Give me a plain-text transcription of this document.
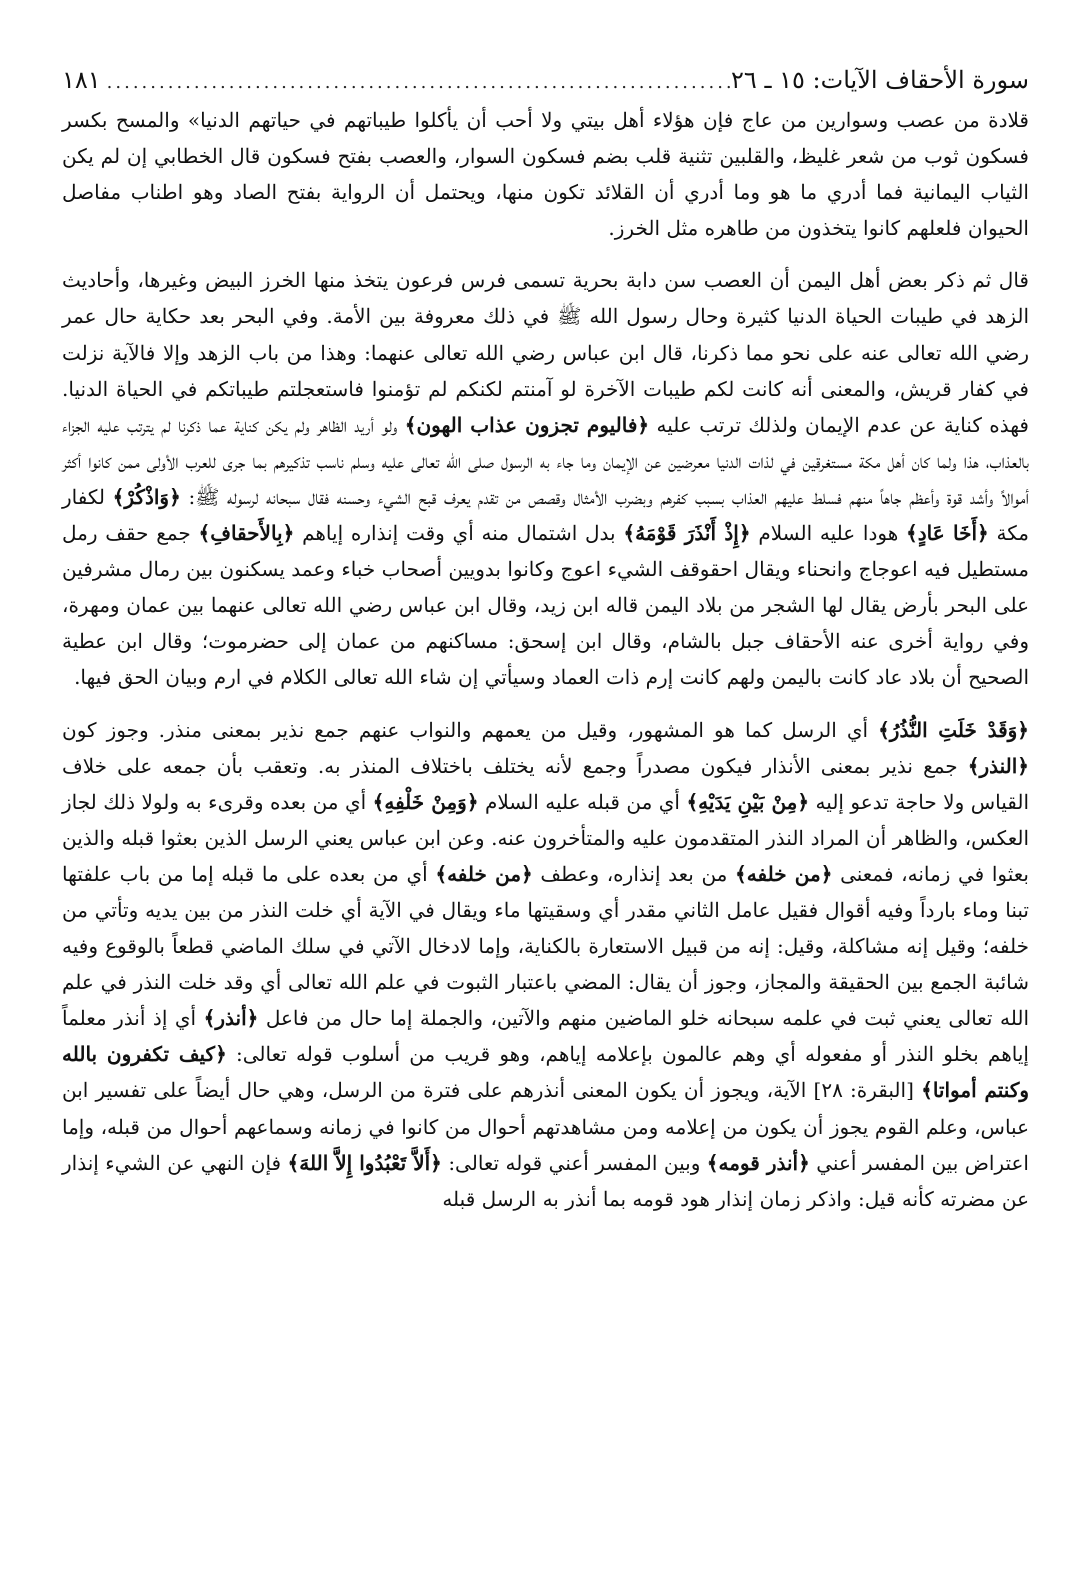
سورة الأحقاف الآيات: ١٥ ـ ٢٦
.....
١٨١

قلادة من عصب وسوارين من عاج فإن هؤلاء أهل بيتي ولا أحب أن يأكلوا طيباتهم في حياتهم الدنيا» والمسح بكسر فسكون ثوب من شعر غليظ، والقلبين تثنية قلب بضم فسكون السوار، والعصب بفتح فسكون قال الخطابي إن لم يكن الثياب اليمانية فما أدري ما هو وما أدري أن القلائد تكون منها، ويحتمل أن الرواية بفتح الصاد وهو اطناب مفاصل الحيوان فلعلهم كانوا يتخذون من طاهره مثل الخرز.

قال ثم ذكر بعض أهل اليمن أن العصب سن دابة بحرية تسمى فرس فرعون يتخذ منها الخرز البيض وغيرها، وأحاديث الزهد في طيبات الحياة الدنيا كثيرة وحال رسول الله ﷺ في ذلك معروفة بين الأمة. وفي البحر بعد حكاية حال عمر رضي الله تعالى عنه على نحو مما ذكرنا، قال ابن عباس رضي الله تعالى عنهما: وهذا من باب الزهد وإلا فالآية نزلت في كفار قريش، والمعنى أنه كانت لكم طيبات الآخرة لو آمنتم لكنكم لم تؤمنوا فاستعجلتم طيباتكم في الحياة الدنيا. فهذه كناية عن عدم الإيمان ولذلك ترتب عليه ﴿فاليوم تجزون عذاب الهون﴾ ولو أريد الظاهر ولم يكن كناية عما ذكرنا لم يترتب عليه الجزاء بالعذاب، هذا ولما كان أهل مكة مستغرقين في لذات الدنيا معرضين عن الإيمان وما جاء به الرسول صلى الله تعالى عليه وسلم ناسب تذكيرهم بما جرى للعرب الأولى ممن كانوا أكثر أموالاً وأشد قوة وأعظم جاهاً منهم فسلط عليهم العذاب بسبب كفرهم وبضرب الأمثال وقصص من تقدم يعرف قبح الشيء وحسنه فقال سبحانه لرسوله ﷺ: ﴿وَاذْكُرْ﴾ لكفار مكة ﴿أَخَا عَادٍ﴾ هودا عليه السلام ﴿إِذْ أَنْذَرَ قَوْمَهُ﴾ بدل اشتمال منه أي وقت إنذاره إياهم ﴿بِالأَحقافِ﴾ جمع حقف رمل مستطيل فيه اعوجاج وانحناء ويقال احقوقف الشيء اعوج وكانوا بدويين أصحاب خباء وعمد يسكنون بين رمال مشرفين على البحر بأرض يقال لها الشجر من بلاد اليمن قاله ابن زيد، وقال ابن عباس رضي الله تعالى عنهما بين عمان ومهرة، وفي رواية أخرى عنه الأحقاف جبل بالشام، وقال ابن إسحق: مساكنهم من عمان إلى حضرموت؛ وقال ابن عطية الصحيح أن بلاد عاد كانت باليمن ولهم كانت إرم ذات العماد وسيأتي إن شاء الله تعالى الكلام في ارم وبيان الحق فيها.

﴿وَقَدْ خَلَتِ النُّذُرُ﴾ أي الرسل كما هو المشهور، وقيل من يعمهم والنواب عنهم جمع نذير بمعنى منذر. وجوز كون ﴿النذر﴾ جمع نذير بمعنى الأنذار فيكون مصدراً وجمع لأنه يختلف باختلاف المنذر به. وتعقب بأن جمعه على خلاف القياس ولا حاجة تدعو إليه ﴿مِنْ بَيْنِ يَدَيْهِ﴾ أي من قبله عليه السلام ﴿وَمِنْ خَلْفِهِ﴾ أي من بعده وقرىء به ولولا ذلك لجاز العكس، والظاهر أن المراد النذر المتقدمون عليه والمتأخرون عنه. وعن ابن عباس يعني الرسل الذين بعثوا قبله والذين بعثوا في زمانه، فمعنى ﴿من خلفه﴾ من بعد إنذاره، وعطف ﴿من خلفه﴾ أي من بعده على ما قبله إما من باب علفتها تبنا وماء بارداً وفيه أقوال فقيل عامل الثاني مقدر أي وسقيتها ماء ويقال في الآية أي خلت النذر من بين يديه وتأتي من خلفه؛ وقيل إنه مشاكلة، وقيل: إنه من قبيل الاستعارة بالكناية، وإما لادخال الآتي في سلك الماضي قطعاً بالوقوع وفيه شائبة الجمع بين الحقيقة والمجاز، وجوز أن يقال: المضي باعتبار الثبوت في علم الله تعالى أي وقد خلت النذر في علم الله تعالى يعني ثبت في علمه سبحانه خلو الماضين منهم والآتين، والجملة إما حال من فاعل ﴿أنذر﴾ أي إذ أنذر معلماً إياهم بخلو النذر أو مفعوله أي وهم عالمون بإعلامه إياهم، وهو قريب من أسلوب قوله تعالى: ﴿كيف تكفرون بالله وكنتم أمواتا﴾ [البقرة: ٢٨] الآية، ويجوز أن يكون المعنى أنذرهم على فترة من الرسل، وهي حال أيضاً على تفسير ابن عباس، وعلم القوم يجوز أن يكون من إعلامه ومن مشاهدتهم أحوال من كانوا في زمانه وسماعهم أحوال من قبله، وإما اعتراض بين المفسر أعني ﴿أنذر قومه﴾ وبين المفسر أعني قوله تعالى: ﴿أَلاَّ تَعْبُدُوا إِلاَّ اللهَ﴾ فإن النهي عن الشيء إنذار عن مضرته كأنه قيل: واذكر زمان إنذار هود قومه بما أنذر به الرسل قبله
